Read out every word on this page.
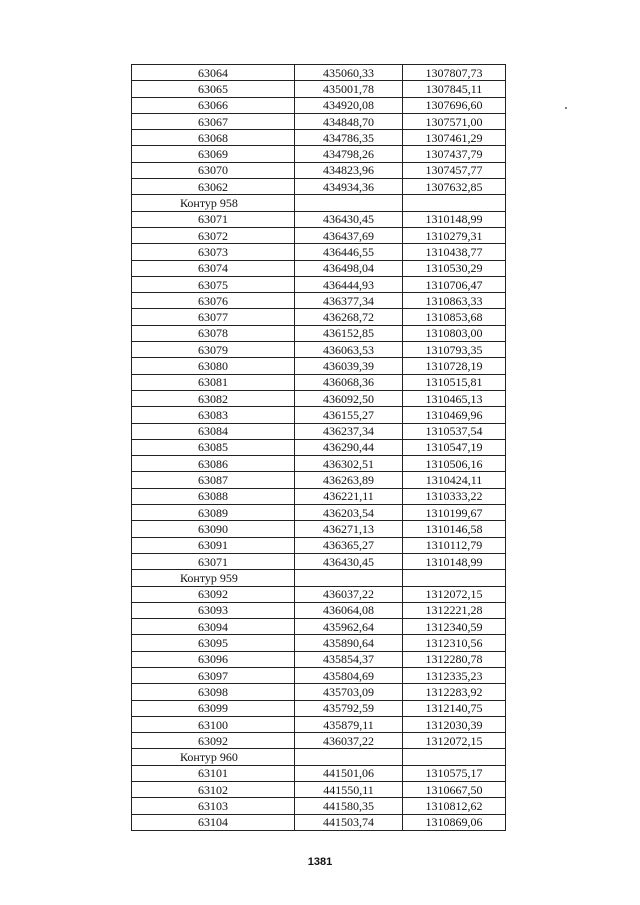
63064	435060,33	1307807,73
63065	435001,78	1307845,11
63066	434920,08	1307696,60
63067	434848,70	1307571,00
63068	434786,35	1307461,29
63069	434798,26	1307437,79
63070	434823,96	1307457,77
63062	434934,36	1307632,85
Контур 958		
63071	436430,45	1310148,99
63072	436437,69	1310279,31
63073	436446,55	1310438,77
63074	436498,04	1310530,29
63075	436444,93	1310706,47
63076	436377,34	1310863,33
63077	436268,72	1310853,68
63078	436152,85	1310803,00
63079	436063,53	1310793,35
63080	436039,39	1310728,19
63081	436068,36	1310515,81
63082	436092,50	1310465,13
63083	436155,27	1310469,96
63084	436237,34	1310537,54
63085	436290,44	1310547,19
63086	436302,51	1310506,16
63087	436263,89	1310424,11
63088	436221,11	1310333,22
63089	436203,54	1310199,67
63090	436271,13	1310146,58
63091	436365,27	1310112,79
63071	436430,45	1310148,99
Контур 959		
63092	436037,22	1312072,15
63093	436064,08	1312221,28
63094	435962,64	1312340,59
63095	435890,64	1312310,56
63096	435854,37	1312280,78
63097	435804,69	1312335,23
63098	435703,09	1312283,92
63099	435792,59	1312140,75
63100	435879,11	1312030,39
63092	436037,22	1312072,15
Контур 960		
63101	441501,06	1310575,17
63102	441550,11	1310667,50
63103	441580,35	1310812,62
63104	441503,74	1310869,06
1381
